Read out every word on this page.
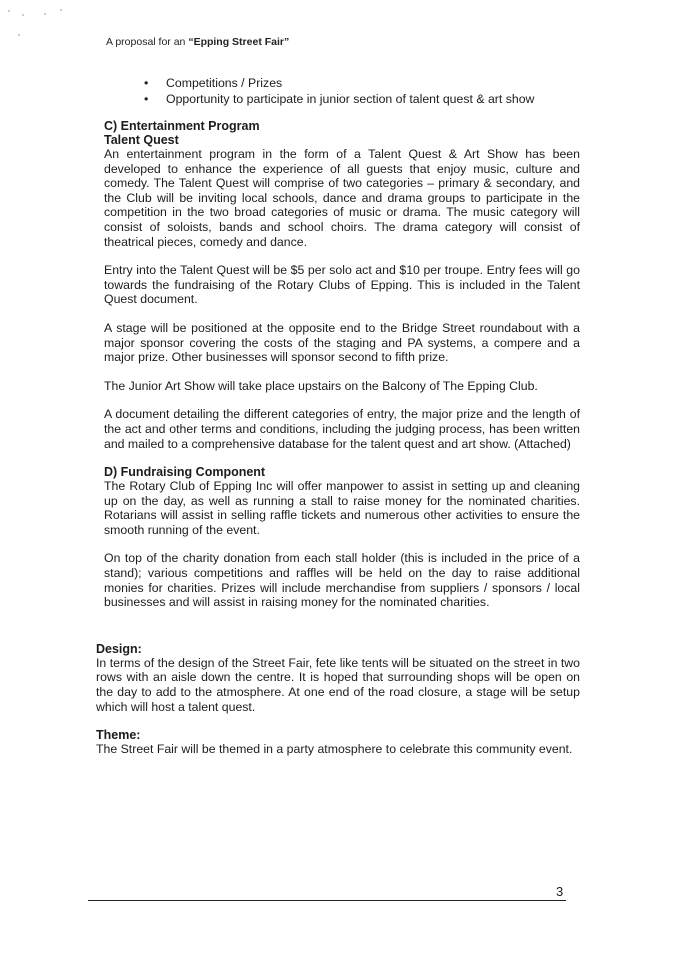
A proposal for an “Epping Street Fair”
• Competitions / Prizes
• Opportunity to participate in junior section of talent quest & art show
C) Entertainment Program
Talent Quest

An entertainment program in the form of a Talent Quest & Art Show has been developed to enhance the experience of all guests that enjoy music, culture and comedy. The Talent Quest will comprise of two categories – primary & secondary, and the Club will be inviting local schools, dance and drama groups to participate in the competition in the two broad categories of music or drama. The music category will consist of soloists, bands and school choirs. The drama category will consist of theatrical pieces, comedy and dance.

Entry into the Talent Quest will be $5 per solo act and $10 per troupe. Entry fees will go towards the fundraising of the Rotary Clubs of Epping. This is included in the Talent Quest document.

A stage will be positioned at the opposite end to the Bridge Street roundabout with a major sponsor covering the costs of the staging and PA systems, a compere and a major prize. Other businesses will sponsor second to fifth prize.

The Junior Art Show will take place upstairs on the Balcony of The Epping Club.

A document detailing the different categories of entry, the major prize and the length of the act and other terms and conditions, including the judging process, has been written and mailed to a comprehensive database for the talent quest and art show. (Attached)

D) Fundraising Component

The Rotary Club of Epping Inc will offer manpower to assist in setting up and cleaning up on the day, as well as running a stall to raise money for the nominated charities. Rotarians will assist in selling raffle tickets and numerous other activities to ensure the smooth running of the event.

On top of the charity donation from each stall holder (this is included in the price of a stand); various competitions and raffles will be held on the day to raise additional monies for charities. Prizes will include merchandise from suppliers / sponsors / local businesses and will assist in raising money for the nominated charities.

Design:

In terms of the design of the Street Fair, fete like tents will be situated on the street in two rows with an aisle down the centre. It is hoped that surrounding shops will be open on the day to add to the atmosphere. At one end of the road closure, a stage will be setup which will host a talent quest.

Theme:

The Street Fair will be themed in a party atmosphere to celebrate this community event.

3
